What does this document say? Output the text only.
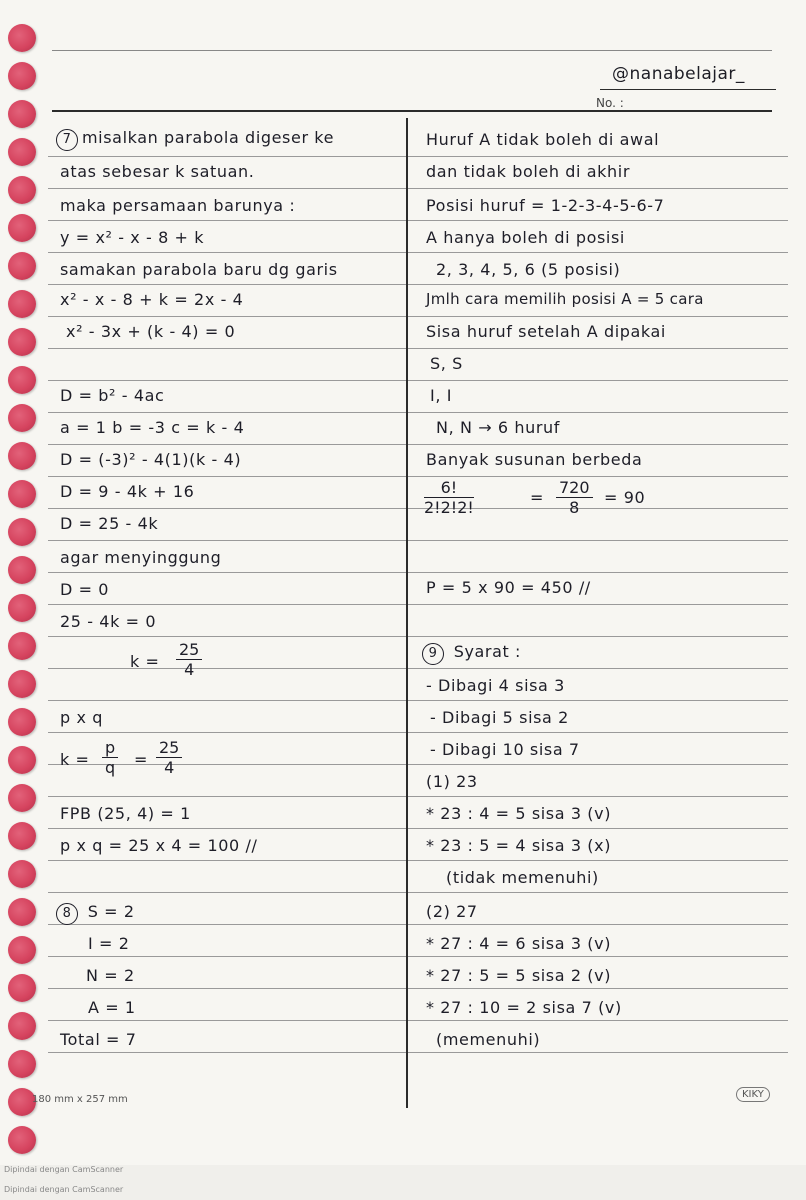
@nanabelajar_
No. :
7 misalkan parabola digeser ke
atas sebesar k satuan.
maka persamaan barunya :
y = x² - x - 8 + k
samakan parabola baru dg garis
x² - x - 8 + k = 2x - 4
x² - 3x + (k - 4) = 0
D = b² - 4ac
a = 1 b = -3 c = k - 4
D = (-3)² - 4(1)(k - 4)
D = 9 - 4k + 16
D = 25 - 4k
agar menyinggung
D = 0
25 - 4k = 0
$k = \frac{25}{4}$
p x q
$k = \frac{p}{q} = \frac{25}{4}$
FPB (25, 4) = 1
p x q = 25 x 4 = 100 //
8 S = 2
I = 2
N = 2
A = 1
Total = 7
Huruf A tidak boleh di awal
dan tidak boleh di akhir
Posisi huruf = 1-2-3-4-5-6-7
A hanya boleh di posisi
2, 3, 4, 5, 6 (5 posisi)
Jmlh cara memilih posisi A = 5 cara
Sisa huruf setelah A dipakai
S, S
I, I
N, N → 6 huruf
Banyak susunan berbeda
$\frac{6!}{2!2!2!}$	= $\frac{720}{8} = 90$
P = 5 x 90 = 450 //
9 Syarat :
- Dibagi 4 sisa 3
- Dibagi 5 sisa 2
- Dibagi 10 sisa 7
(1) 23
* 23 : 4 = 5 sisa 3 (v)
* 23 : 5 = 4 sisa 3 (x)
(tidak memenuhi)
(2) 27
* 27 : 4 = 6 sisa 3 (v)
* 27 : 5 = 5 sisa 2 (v)
* 27 : 10 = 2 sisa 7 (v)
(memenuhi)
180 mm x 257 mm	KIKY
Dipindai dengan CamScanner
Dipindai dengan CamScanner
